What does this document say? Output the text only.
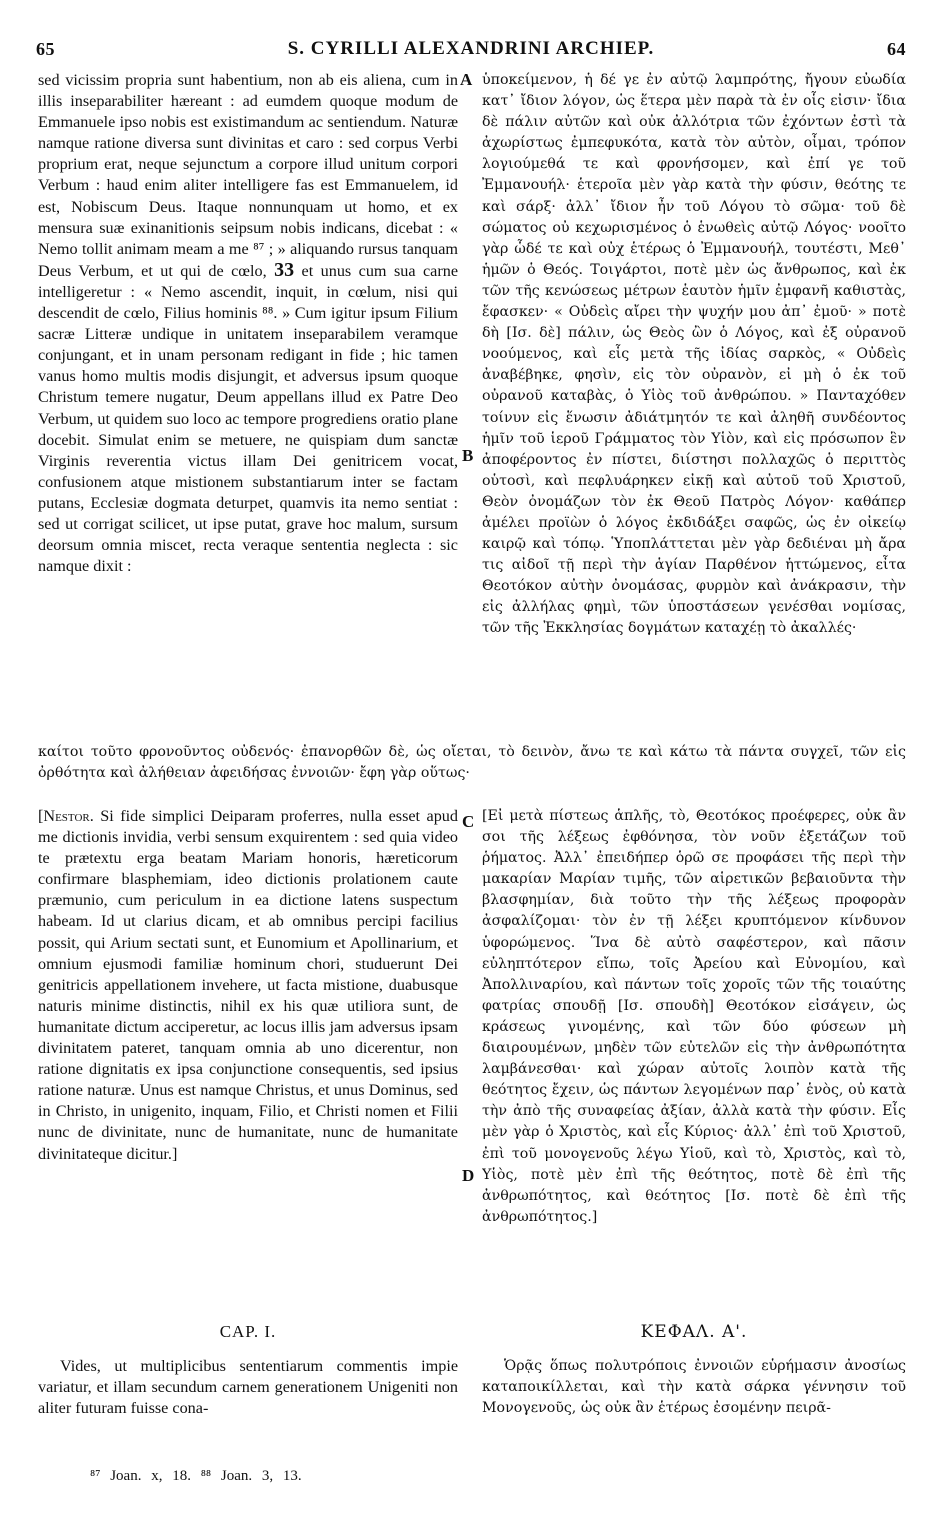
65	S. CYRILLI ALEXANDRINI ARCHIEP.	64
A
B
C
D

sed vicissim propria sunt habentium, non ab eis aliena, cum in illis inseparabiliter hæreant : ad eumdem quoque modum de Emmanuele ipso nobis est existimandum ac sentiendum. Naturæ namque ratione diversa sunt divinitas et caro : sed corpus Verbi proprium erat, neque sejunctum a corpore illud unitum corpori Verbum : haud enim aliter intelligere fas est Emmanuelem, id est, Nobiscum Deus. Itaque nonnunquam ut homo, et ex mensura suæ exinanitionis seipsum nobis indicans, dicebat : « Nemo tollit animam meam a me ⁸⁷ ; » aliquando rursus tanquam Deus Verbum, et ut qui de cœlo, 33 et unus cum sua carne intelligeretur : « Nemo ascendit, inquit, in cœlum, nisi qui descendit de cœlo, Filius hominis ⁸⁸. » Cum igitur ipsum Filium sacræ Litteræ undique in unitatem inseparabilem veramque conjungant, et in unam personam redigant in fide ; hic tamen vanus homo multis modis disjungit, et adversus ipsum quoque Christum temere nugatur, Deum appellans illud ex Patre Deo Verbum, ut quidem suo loco ac tempore progrediens oratio plane docebit. Simulat enim se metuere, ne quispiam dum sanctæ Virginis reverentia victus illam Dei genitricem vocat, confusionem atque mistionem substantiarum inter se factam putans, Ecclesiæ dogmata deturpet, quamvis ita nemo sentiat : sed ut corrigat scilicet, ut ipse putat, grave hoc malum, sursum deorsum omnia miscet, recta veraque sententia neglecta : sic namque dixit :

ὑποκείμενον, ἡ δέ γε ἐν αὐτῷ λαμπρότης, ἤγουν εὐωδία κατ᾽ ἴδιον λόγον, ὡς ἕτερα μὲν παρὰ τὰ ἐν οἷς εἰσιν· ἴδια δὲ πάλιν αὐτῶν καὶ οὐκ ἀλλότρια τῶν ἐχόντων ἐστὶ τὰ ἀχωρίστως ἐμπεφυκότα, κατὰ τὸν αὐτὸν, οἶμαι, τρόπον λογιούμεθά τε καὶ φρονήσομεν, καὶ ἐπί γε τοῦ Ἐμμανουήλ· ἑτεροῖα μὲν γὰρ κατὰ τὴν φύσιν, θεότης τε καὶ σάρξ· ἀλλ᾽ ἴδιον ἦν τοῦ Λόγου τὸ σῶμα· τοῦ δὲ σώματος οὐ κεχωρισμένος ὁ ἑνωθεὶς αὐτῷ Λόγος· νοοῖτο γὰρ ὧδέ τε καὶ οὐχ ἑτέρως ὁ Ἐμμανουήλ, τουτέστι, Μεθ᾽ ἡμῶν ὁ Θεός. Τοιγάρτοι, ποτὲ μὲν ὡς ἄνθρωπος, καὶ ἐκ τῶν τῆς κενώσεως μέτρων ἑαυτὸν ἡμῖν ἐμφανῆ καθιστὰς, ἔφασκεν· « Οὐδεὶς αἴρει τὴν ψυχήν μου ἀπ᾽ ἐμοῦ· » ποτὲ δὴ [Ισ. δὲ] πάλιν, ὡς Θεὸς ὢν ὁ Λόγος, καὶ ἐξ οὐρανοῦ νοούμενος, καὶ εἷς μετὰ τῆς ἰδίας σαρκὸς, « Οὐδεὶς ἀναβέβηκε, φησὶν, εἰς τὸν οὐρανὸν, εἰ μὴ ὁ ἐκ τοῦ οὐρανοῦ καταβὰς, ὁ Υἱὸς τοῦ ἀνθρώπου. » Πανταχόθεν τοίνυν εἰς ἕνωσιν ἀδιάτμητόν τε καὶ ἀληθῆ συνδέοντος ἡμῖν τοῦ ἱεροῦ Γράμματος τὸν Υἱὸν, καὶ εἰς πρόσωπον ἓν ἀποφέροντος ἐν πίστει, διίστησι πολλαχῶς ὁ περιττὸς οὑτοσὶ, καὶ πεφλυάρηκεν εἰκῇ καὶ αὐτοῦ τοῦ Χριστοῦ, Θεὸν ὀνομάζων τὸν ἐκ Θεοῦ Πατρὸς Λόγον· καθάπερ ἀμέλει προϊὼν ὁ λόγος ἐκδιδάξει σαφῶς, ὡς ἐν οἰκείῳ καιρῷ καὶ τόπῳ. Ὑποπλάττεται μὲν γὰρ δεδιέναι μὴ ἄρα τις αἰδοῖ τῇ περὶ τὴν ἁγίαν Παρθένον ἡττώμενος, εἶτα Θεοτόκον αὐτὴν ὀνομάσας, φυρμὸν καὶ ἀνάκρασιν, τὴν εἰς ἀλλήλας φημὶ, τῶν ὑποστάσεων γενέσθαι νομίσας, τῶν τῆς Ἐκκλησίας δογμάτων καταχέῃ τὸ ἀκαλλές·

καίτοι τοῦτο φρονοῦντος οὐδενός· ἐπανορθῶν δὲ, ὡς οἴεται, τὸ δεινὸν, ἄνω τε καὶ κάτω τὰ πάντα συγχεῖ, τῶν εἰς ὀρθότητα καὶ ἀλήθειαν ἀφειδήσας ἐννοιῶν· ἔφη γὰρ οὕτως·

[Nestor. Si fide simplici Deiparam proferres, nulla esset apud me dictionis invidia, verbi sensum exquirentem : sed quia video te prætextu erga beatam Mariam honoris, hæreticorum confirmare blasphemiam, ideo dictionis prolationem caute præmunio, cum periculum in ea dictione latens suspectum habeam. Id ut clarius dicam, et ab omnibus percipi facilius possit, qui Arium sectati sunt, et Eunomium et Apollinarium, et omnium ejusmodi familiæ hominum chori, studuerunt Dei genitricis appellationem invehere, ut facta mistione, duabusque naturis minime distinctis, nihil ex his quæ utiliora sunt, de humanitate dictum acciperetur, ac locus illis jam adversus ipsam divinitatem pateret, tanquam omnia ab uno dicerentur, non ratione dignitatis ex ipsa conjunctione consequentis, sed ipsius ratione naturæ. Unus est namque Christus, et unus Dominus, sed in Christo, in unigenito, inquam, Filio, et Christi nomen et Filii nunc de divinitate, nunc de humanitate, nunc de humanitate divinitateque dicitur.]

[Εἰ μετὰ πίστεως ἁπλῆς, τὸ, Θεοτόκος προέφερες, οὐκ ἂν σοι τῆς λέξεως ἐφθόνησα, τὸν νοῦν ἐξετάζων τοῦ ῥήματος. Ἀλλ᾽ ἐπειδήπερ ὁρῶ σε προφάσει τῆς περὶ τὴν μακαρίαν Μαρίαν τιμῆς, τῶν αἱρετικῶν βεβαιοῦντα τὴν βλασφημίαν, διὰ τοῦτο τὴν τῆς λέξεως προφορὰν ἀσφαλίζομαι· τὸν ἐν τῇ λέξει κρυπτόμενον κίνδυνον ὑφορώμενος. Ἵνα δὲ αὐτὸ σαφέστερον, καὶ πᾶσιν εὐληπτότερον εἴπω, τοῖς Ἀρείου καὶ Εὐνομίου, καὶ Ἀπολλιναρίου, καὶ πάντων τοῖς χοροῖς τῶν τῆς τοιαύτης φατρίας σπουδῇ [Ισ. σπουδὴ] Θεοτόκον εἰσάγειν, ὡς κράσεως γινομένης, καὶ τῶν δύο φύσεων μὴ διαιρουμένων, μηδὲν τῶν εὐτελῶν εἰς τὴν ἀνθρωπότητα λαμβάνεσθαι· καὶ χώραν αὐτοῖς λοιπὸν κατὰ τῆς θεότητος ἔχειν, ὡς πάντων λεγομένων παρ᾽ ἑνὸς, οὐ κατὰ τὴν ἀπὸ τῆς συναφείας ἀξίαν, ἀλλὰ κατὰ τὴν φύσιν. Εἷς μὲν γὰρ ὁ Χριστὸς, καὶ εἷς Κύριος· ἀλλ᾽ ἐπὶ τοῦ Χριστοῦ, ἐπὶ τοῦ μονογενοῦς λέγω Υἱοῦ, καὶ τὸ, Χριστὸς, καὶ τὸ, Υἱὸς, ποτὲ μὲν ἐπὶ τῆς θεότητος, ποτὲ δὲ ἐπὶ τῆς ἀνθρωπότητος, καὶ θεότητος [Ισ. ποτὲ δὲ ἐπὶ τῆς ἀνθρωπότητος.]

CAP. I.	ΚΕΦΑΛ. Α'.

Vides, ut multiplicibus sententiarum commentis impie variatur, et illam secundum carnem generationem Unigeniti non aliter futuram fuisse cona-

Ὁρᾷς ὅπως πολυτρόποις ἐννοιῶν εὑρήμασιν ἀνοσίως καταποικίλλεται, καὶ τὴν κατὰ σάρκα γέννησιν τοῦ Μονογενοῦς, ὡς οὐκ ἂν ἑτέρως ἐσομένην πειρᾶ-

⁸⁷ Joan. x, 18. ⁸⁸ Joan. 3, 13.
